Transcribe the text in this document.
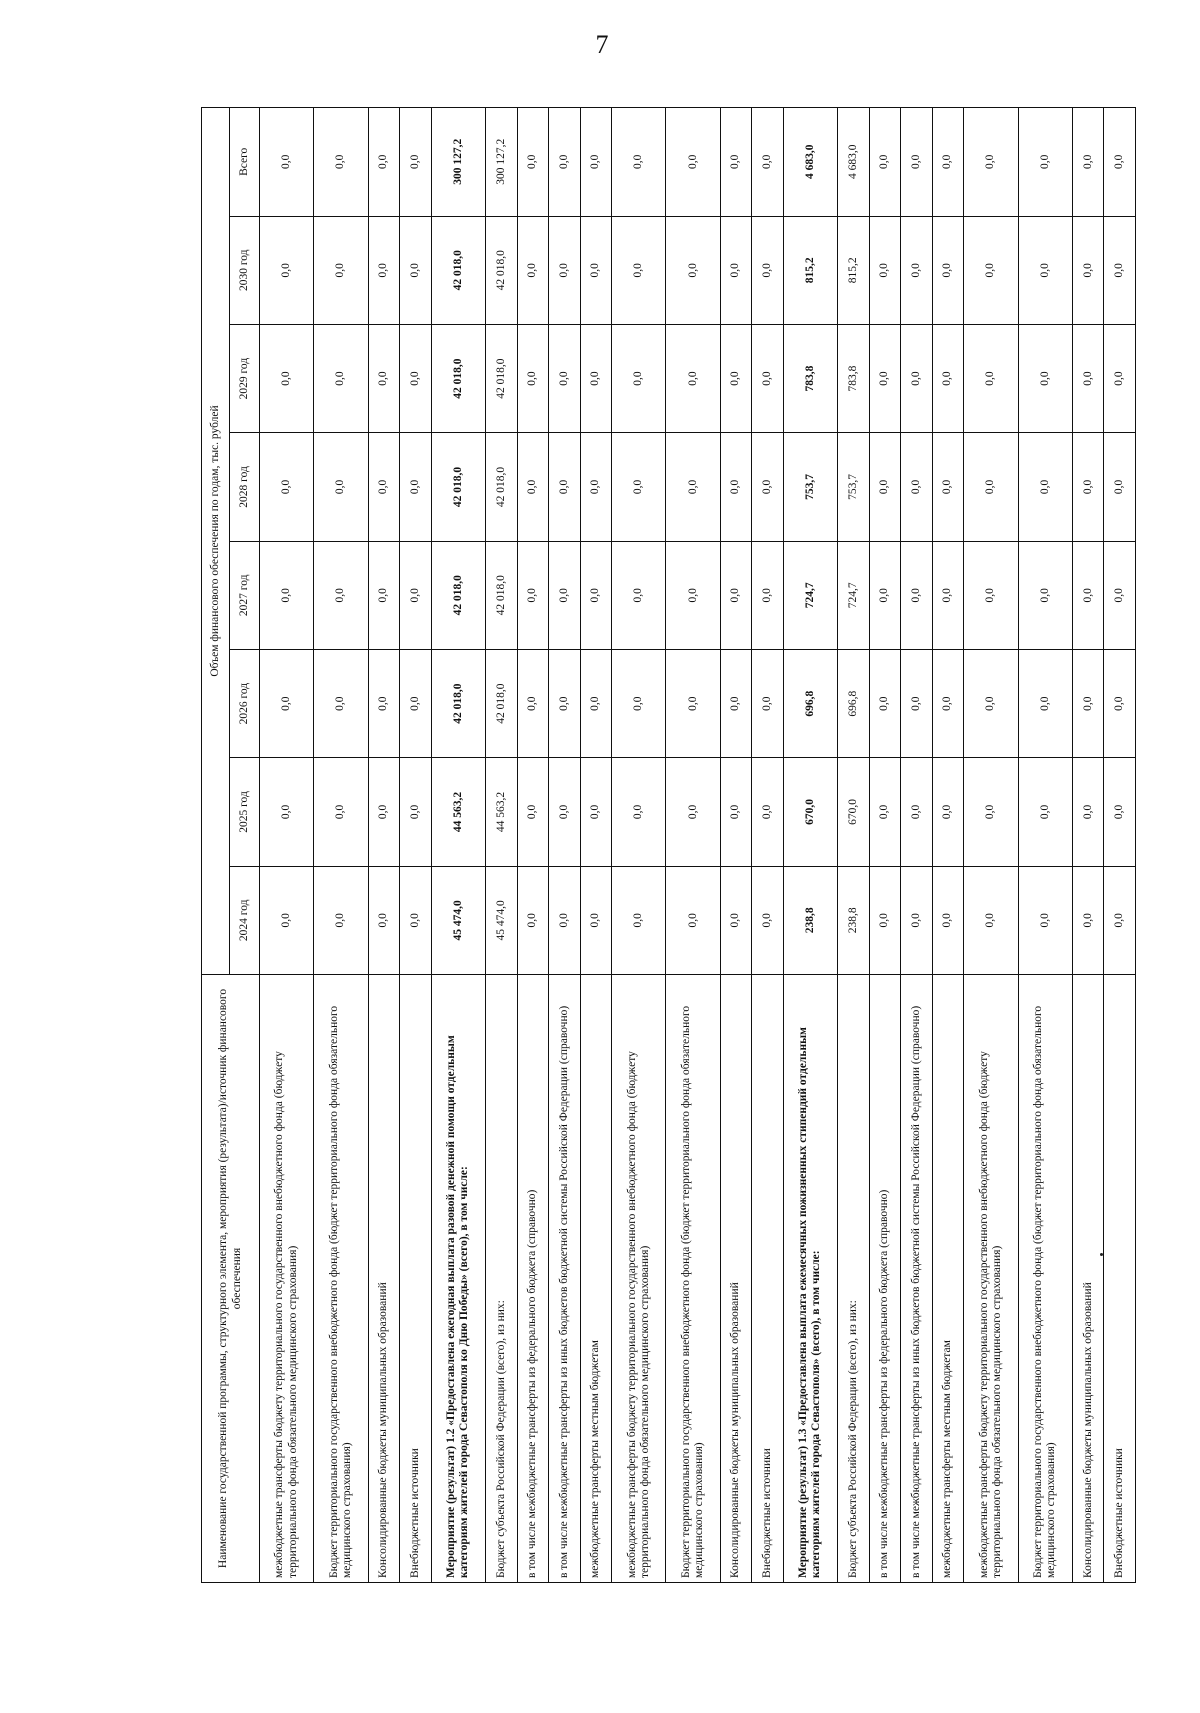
7
Наименование государственной программы, структурного элемента, мероприятия (результата)/источник финансового обеспечения	Объем финансового обеспечения по годам, тыс. рублей							
	2024 год	2025 год	2026 год	2027 год	2028 год	2029 год	2030 год	Всего
межбюджетные трансферты бюджету территориального государственного внебюджетного фонда (бюджету территориального фонда обязательного медицинского страхования)	0,0	0,0	0,0	0,0	0,0	0,0	0,0	0,0
Бюджет территориального государственного внебюджетного фонда (бюджет территориального фонда обязательного медицинского страхования)	0,0	0,0	0,0	0,0	0,0	0,0	0,0	0,0
Консолидированные бюджеты муниципальных образований	0,0	0,0	0,0	0,0	0,0	0,0	0,0	0,0
Внебюджетные источники	0,0	0,0	0,0	0,0	0,0	0,0	0,0	0,0
Мероприятие (результат) 1.2 «Предоставлена ежегодная выплата разовой денежной помощи отдельным категориям жителей города Севастополя ко Дню Победы» (всего), в том числе:	45 474,0	44 563,2	42 018,0	42 018,0	42 018,0	42 018,0	42 018,0	300 127,2
Бюджет субъекта Российской Федерации (всего), из них:	45 474,0	44 563,2	42 018,0	42 018,0	42 018,0	42 018,0	42 018,0	300 127,2
в том числе межбюджетные трансферты из федерального бюджета (справочно)	0,0	0,0	0,0	0,0	0,0	0,0	0,0	0,0
в том числе межбюджетные трансферты из иных бюджетов бюджетной системы Российской Федерации (справочно)	0,0	0,0	0,0	0,0	0,0	0,0	0,0	0,0
межбюджетные трансферты местным бюджетам	0,0	0,0	0,0	0,0	0,0	0,0	0,0	0,0
межбюджетные трансферты бюджету территориального государственного внебюджетного фонда (бюджету территориального фонда обязательного медицинского страхования)	0,0	0,0	0,0	0,0	0,0	0,0	0,0	0,0
Бюджет территориального государственного внебюджетного фонда (бюджет территориального фонда обязательного медицинского страхования)	0,0	0,0	0,0	0,0	0,0	0,0	0,0	0,0
Консолидированные бюджеты муниципальных образований	0,0	0,0	0,0	0,0	0,0	0,0	0,0	0,0
Внебюджетные источники	0,0	0,0	0,0	0,0	0,0	0,0	0,0	0,0
Мероприятие (результат) 1.3 «Предоставлена выплата ежемесячных пожизненных стипендий отдельным категориям жителей города Севастополя» (всего), в том числе:	238,8	670,0	696,8	724,7	753,7	783,8	815,2	4 683,0
Бюджет субъекта Российской Федерации (всего), из них:	238,8	670,0	696,8	724,7	753,7	783,8	815,2	4 683,0
в том числе межбюджетные трансферты из федерального бюджета (справочно)	0,0	0,0	0,0	0,0	0,0	0,0	0,0	0,0
в том числе межбюджетные трансферты из иных бюджетов бюджетной системы Российской Федерации (справочно)	0,0	0,0	0,0	0,0	0,0	0,0	0,0	0,0
межбюджетные трансферты местным бюджетам	0,0	0,0	0,0	0,0	0,0	0,0	0,0	0,0
межбюджетные трансферты бюджету территориального государственного внебюджетного фонда (бюджету территориального фонда обязательного медицинского страхования)	0,0	0,0	0,0	0,0	0,0	0,0	0,0	0,0
Бюджет территориального государственного внебюджетного фонда (бюджет территориального фонда обязательного медицинского страхования)	0,0	0,0	0,0	0,0	0,0	0,0	0,0	0,0
Консолидированные бюджеты муниципальных образований	0,0	0,0	0,0	0,0	0,0	0,0	0,0	0,0
Внебюджетные источники	0,0	0,0	0,0	0,0	0,0	0,0	0,0	0,0
